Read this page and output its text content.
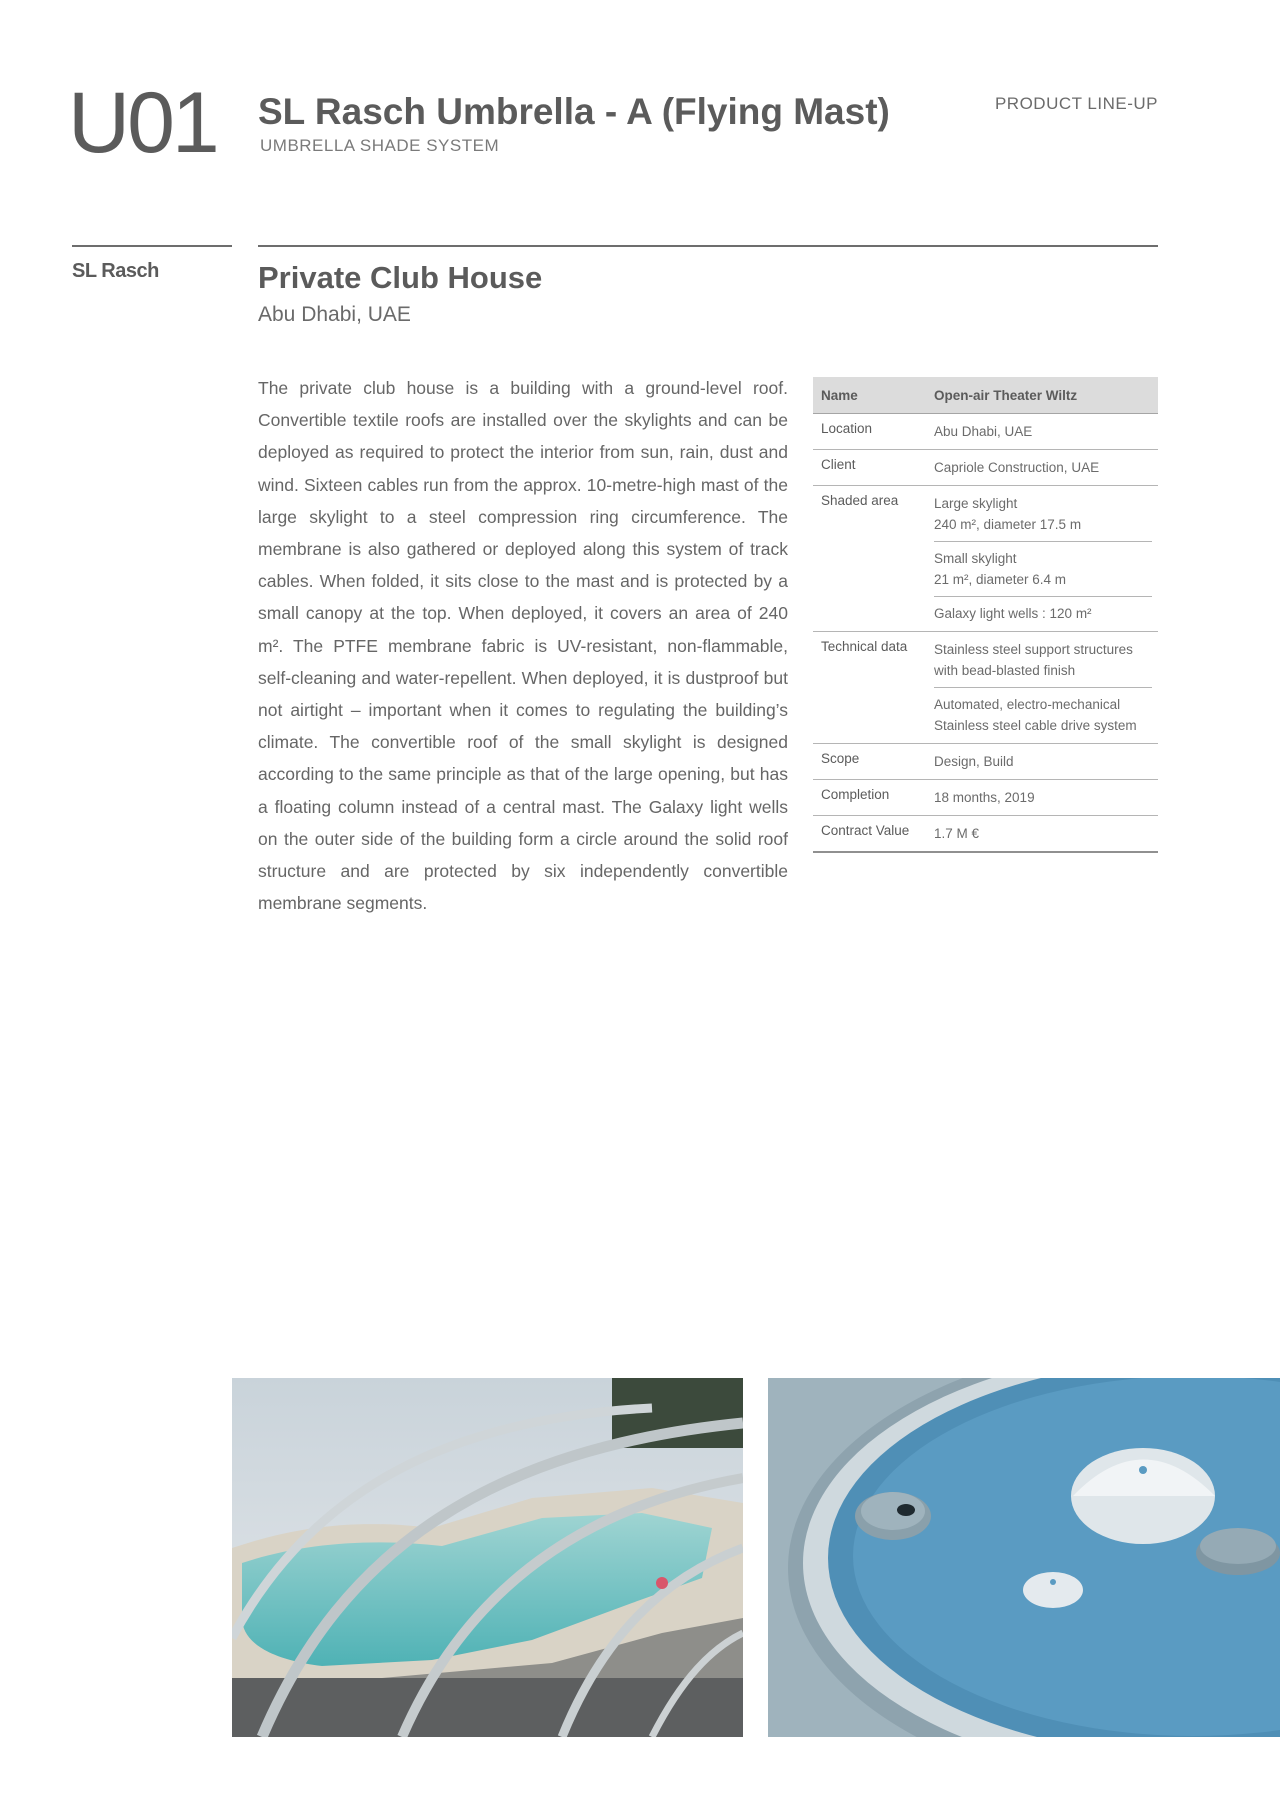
U01 SL Rasch Umbrella - A (Flying Mast)
UMBRELLA SHADE SYSTEM
PRODUCT LINE-UP
SL Rasch	Private Club House
Abu Dhabi, UAE

The private club house is a building with a ground-level roof. Convertible textile roofs are installed over the skylights and can be deployed as required to protect the interior from sun, rain, dust and wind. Sixteen cables run from the approx. 10-metre-high mast of the large skylight to a steel compression ring circumference. The membrane is also gathered or deployed along this system of track cables. When folded, it sits close to the mast and is protected by a small canopy at the top. When deployed, it covers an area of 240 m². The PTFE membrane fabric is UV-resistant, non-flammable, self-cleaning and water-repellent. When deployed, it is dustproof but not airtight – important when it comes to regulating the building’s climate. The convertible roof of the small skylight is designed according to the same principle as that of the large opening, but has a floating column instead of a central mast. The Galaxy light wells on the outer side of the building form a circle around the solid roof structure and are protected by six independently convertible membrane segments.

Name	Open-air Theater Wiltz
Location	Abu Dhabi, UAE
Client	Capriole Construction, UAE
Shaded area	Large skylight
240 m², diameter 17.5 m
Small skylight
21 m², diameter 6.4 m
Galaxy light wells : 120 m²
Technical data	Stainless steel support structures
with bead-blasted finish
Automated, electro-mechanical
Stainless steel cable drive system
Scope	Design, Build
Completion	18 months, 2019
Contract Value	1.7 M €
